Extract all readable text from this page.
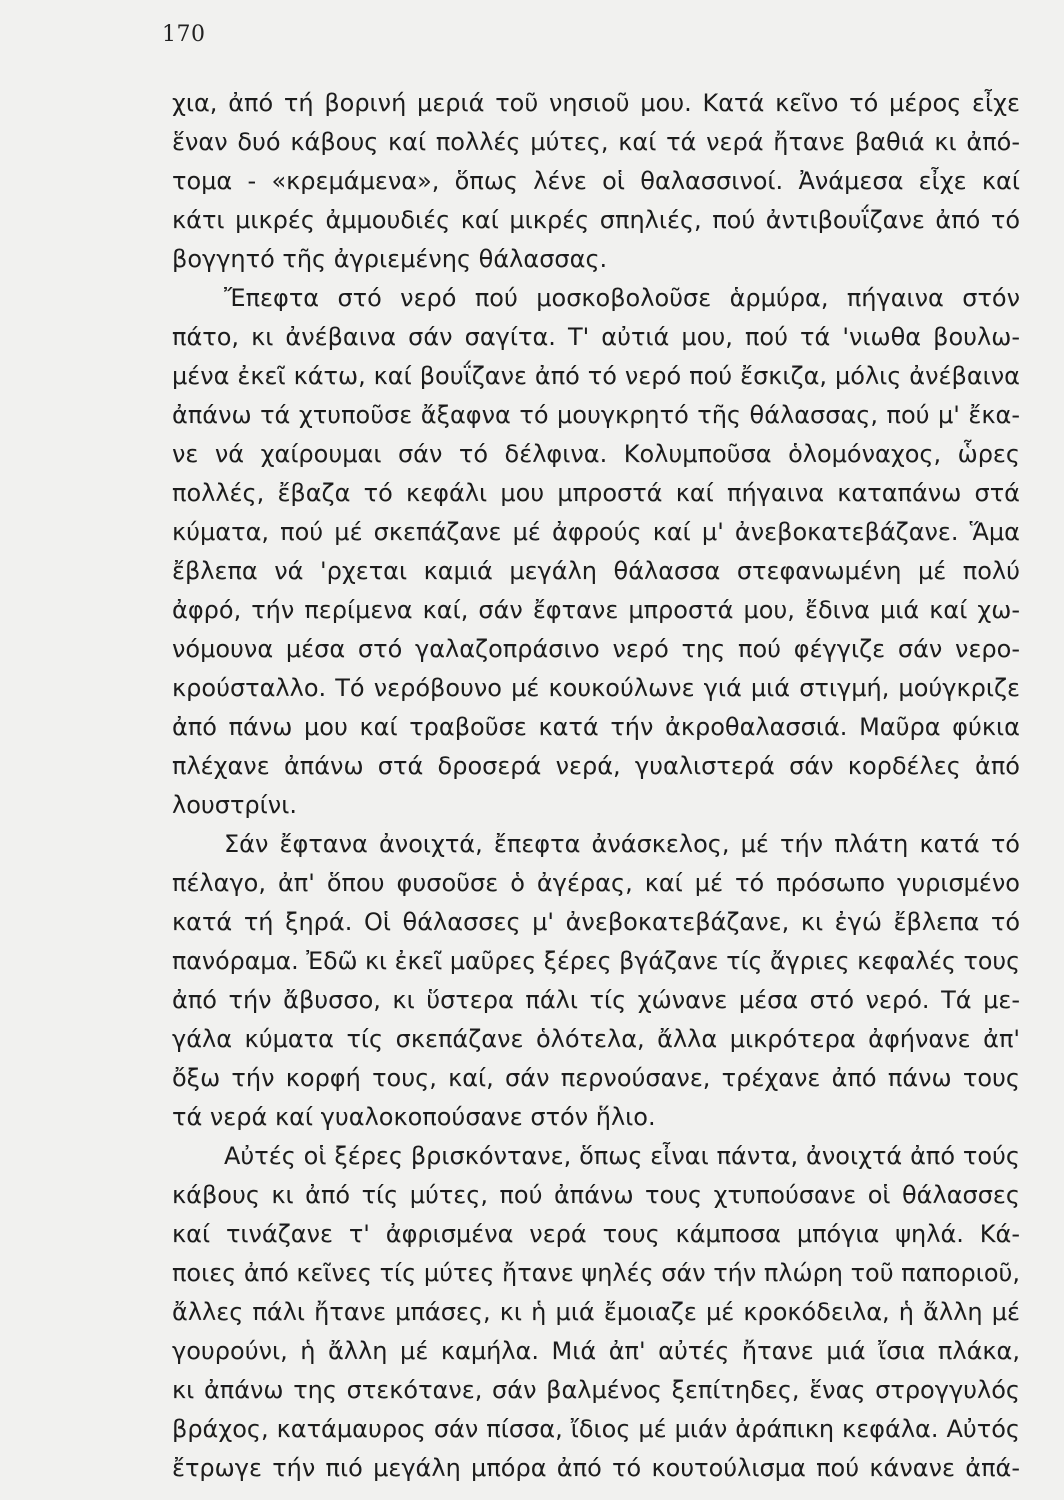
170
χια, ἀπό τή βορινή μεριά τοῦ νησιοῦ μου. Κατά κεῖνο τό μέρος εἶχε
ἕναν δυό κάβους καί πολλές μύτες, καί τά νερά ἤτανε βαθιά κι ἀπό-
τομα - «κρεμάμενα», ὅπως λένε οἱ θαλασσινοί. Ἀνάμεσα εἶχε καί
κάτι μικρές ἀμμουδιές καί μικρές σπηλιές, πού ἀντιβουΐζανε ἀπό τό
βογγητό τῆς ἀγριεμένης θάλασσας.
Ἔπεφτα στό νερό πού μοσκοβολοῦσε ἁρμύρα, πήγαινα στόν
πάτο, κι ἀνέβαινα σάν σαγίτα. Τ' αὐτιά μου, πού τά 'νιωθα βουλω-
μένα ἐκεῖ κάτω, καί βουΐζανε ἀπό τό νερό πού ἔσκιζα, μόλις ἀνέβαινα
ἀπάνω τά χτυποῦσε ἄξαφνα τό μουγκρητό τῆς θάλασσας, πού μ' ἔκα-
νε νά χαίρουμαι σάν τό δέλφινα. Κολυμποῦσα ὁλομόναχος, ὧρες
πολλές, ἔβαζα τό κεφάλι μου μπροστά καί πήγαινα καταπάνω στά
κύματα, πού μέ σκεπάζανε μέ ἀφρούς καί μ' ἀνεβοκατεβάζανε. Ἅμα
ἔβλεπα νά 'ρχεται καμιά μεγάλη θάλασσα στεφανωμένη μέ πολύ
ἀφρό, τήν περίμενα καί, σάν ἔφτανε μπροστά μου, ἔδινα μιά καί χω-
νόμουνα μέσα στό γαλαζοπράσινο νερό της πού φέγγιζε σάν νερο-
κρούσταλλο. Τό νερόβουνο μέ κουκούλωνε γιά μιά στιγμή, μούγκριζε
ἀπό πάνω μου καί τραβοῦσε κατά τήν ἀκροθαλασσιά. Μαῦρα φύκια
πλέχανε ἀπάνω στά δροσερά νερά, γυαλιστερά σάν κορδέλες ἀπό
λουστρίνι.
Σάν ἔφτανα ἀνοιχτά, ἔπεφτα ἀνάσκελος, μέ τήν πλάτη κατά τό
πέλαγο, ἀπ' ὅπου φυσοῦσε ὁ ἀγέρας, καί μέ τό πρόσωπο γυρισμένο
κατά τή ξηρά. Οἱ θάλασσες μ' ἀνεβοκατεβάζανε, κι ἐγώ ἔβλεπα τό
πανόραμα. Ἐδῶ κι ἐκεῖ μαῦρες ξέρες βγάζανε τίς ἄγριες κεφαλές τους
ἀπό τήν ἄβυσσο, κι ὕστερα πάλι τίς χώνανε μέσα στό νερό. Τά με-
γάλα κύματα τίς σκεπάζανε ὁλότελα, ἄλλα μικρότερα ἀφήνανε ἀπ'
ὄξω τήν κορφή τους, καί, σάν περνούσανε, τρέχανε ἀπό πάνω τους
τά νερά καί γυαλοκοπούσανε στόν ἥλιο.
Αὐτές οἱ ξέρες βρισκόντανε, ὅπως εἶναι πάντα, ἀνοιχτά ἀπό τούς
κάβους κι ἀπό τίς μύτες, πού ἀπάνω τους χτυπούσανε οἱ θάλασσες
καί τινάζανε τ' ἀφρισμένα νερά τους κάμποσα μπόγια ψηλά. Κά-
ποιες ἀπό κεῖνες τίς μύτες ἤτανε ψηλές σάν τήν πλώρη τοῦ παποριοῦ,
ἄλλες πάλι ἤτανε μπάσες, κι ἡ μιά ἔμοιαζε μέ κροκόδειλα, ἡ ἄλλη μέ
γουρούνι, ἡ ἄλλη μέ καμήλα. Μιά ἀπ' αὐτές ἤτανε μιά ἴσια πλάκα,
κι ἀπάνω της στεκότανε, σάν βαλμένος ξεπίτηδες, ἕνας στρογγυλός
βράχος, κατάμαυρος σάν πίσσα, ἴδιος μέ μιάν ἀράπικη κεφάλα. Αὐτός
ἔτρωγε τήν πιό μεγάλη μπόρα ἀπό τό κουτούλισμα πού κάνανε ἀπά-
